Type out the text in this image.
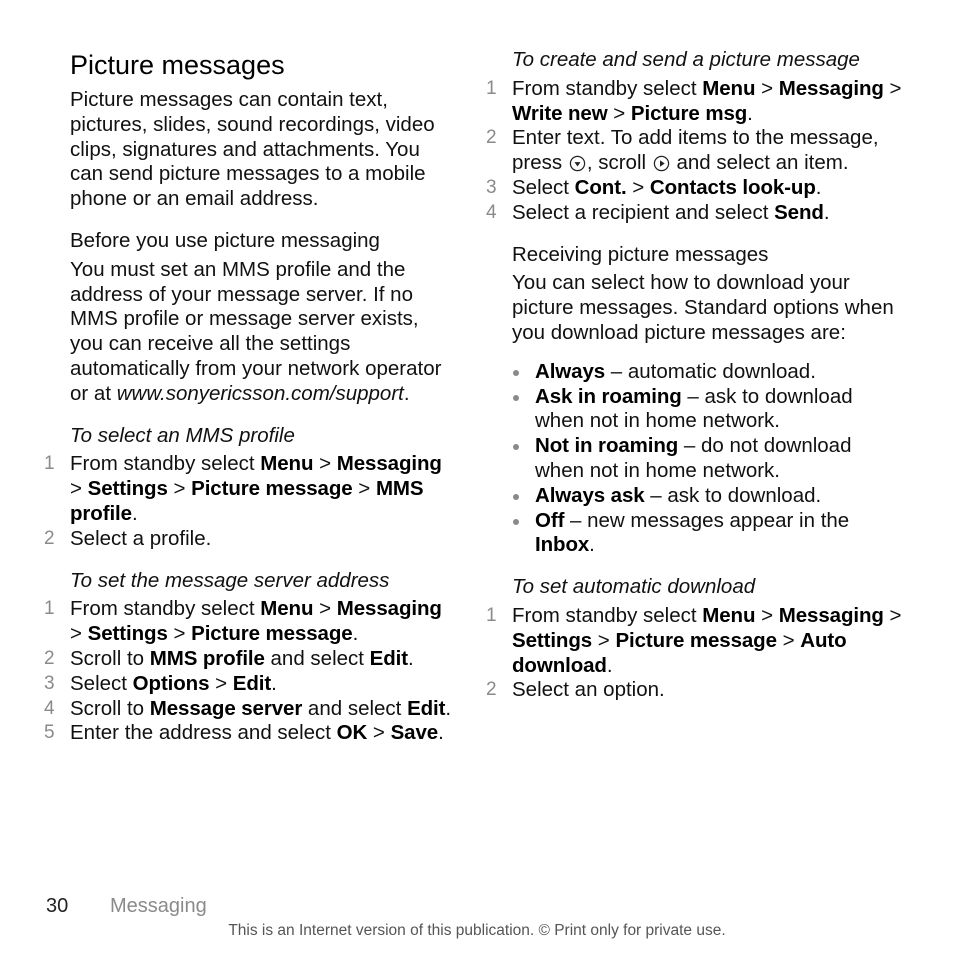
Picture messages

Picture messages can contain text, pictures, slides, sound recordings, video clips, signatures and attachments. You can send picture messages to a mobile phone or an email address.

Before you use picture messaging

You must set an MMS profile and the address of your message server. If no MMS profile or message server exists, you can receive all the settings automatically from your network operator or at www.sonyericsson.com/support.

To select an MMS profile
1 From standby select Menu > Messaging > Settings > Picture message > MMS profile.
2 Select a profile.
To set the message server address
1 From standby select Menu > Messaging > Settings > Picture message.
2 Scroll to MMS profile and select Edit.
3 Select Options > Edit.
4 Scroll to Message server and select Edit.
5 Enter the address and select OK > Save.
To create and send a picture message
1 From standby select Menu > Messaging > Write new > Picture msg.
2 Enter text. To add items to the message, press , scroll  and select an item.
3 Select Cont. > Contacts look-up.
4 Select a recipient and select Send.
Receiving picture messages

You can select how to download your picture messages. Standard options when you download picture messages are:

Always – automatic download.
Ask in roaming – ask to download when not in home network.
Not in roaming – do not download when not in home network.
Always ask – ask to download.
Off – new messages appear in the Inbox.
To set automatic download
1 From standby select Menu > Messaging > Settings > Picture message > Auto download.
2 Select an option.
30 Messaging
This is an Internet version of this publication. © Print only for private use.
